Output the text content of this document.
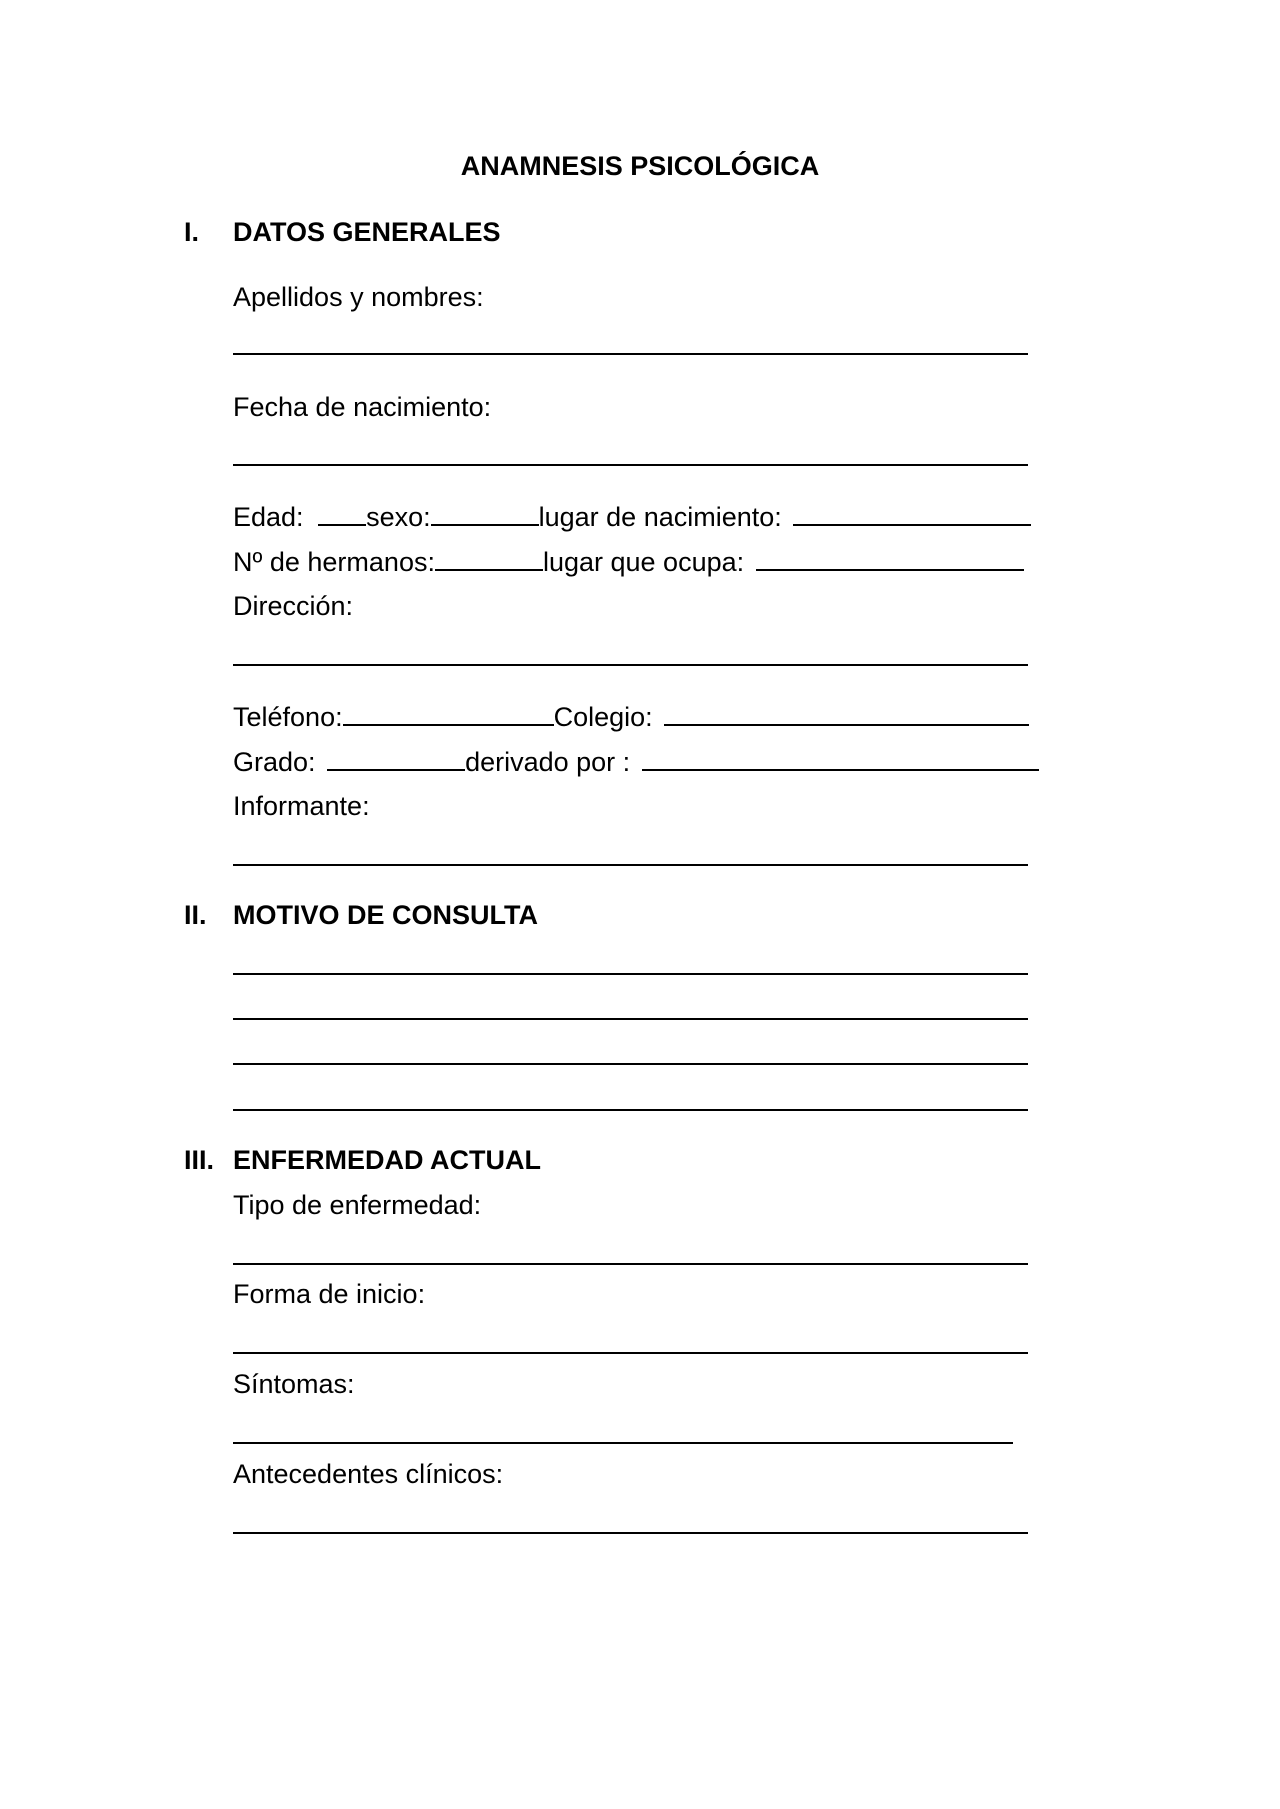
ANAMNESIS PSICOLÓGICA
I. DATOS GENERALES
Apellidos y nombres:
Fecha de nacimiento:
Edad: sexo:	lugar de nacimiento:
Nº de hermanos:	lugar que ocupa:
Dirección:
Teléfono:	Colegio:
Grado:	derivado por :
Informante:
II. MOTIVO DE CONSULTA
III. ENFERMEDAD ACTUAL
Tipo de enfermedad:
Forma de inicio:
Síntomas:
Antecedentes clínicos:
